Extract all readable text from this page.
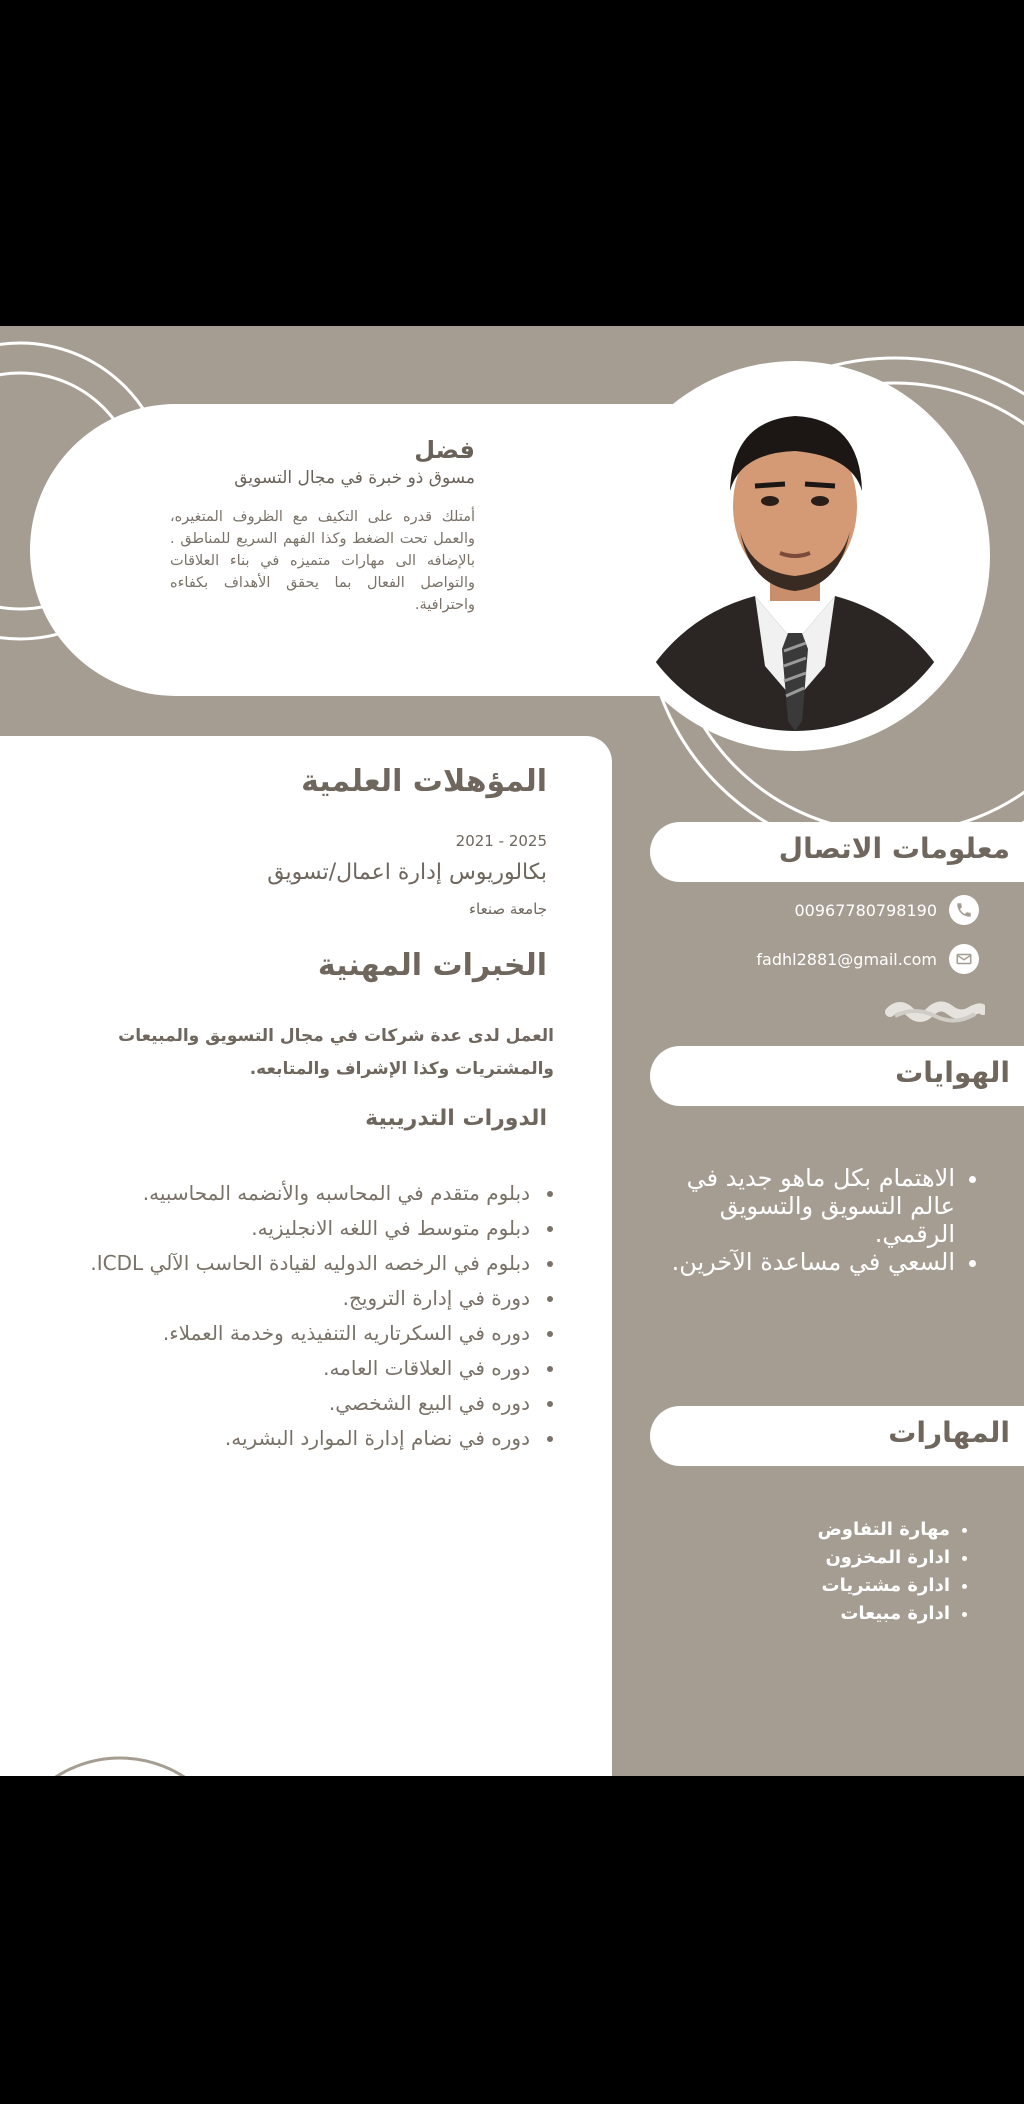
فضل
مسوق ذو خبرة في مجال التسويق
أمتلك قدره على التكيف مع الظروف المتغيره، والعمل تحت الضغط وكذا الفهم السريع للمناطق . بالإضافه الى مهارات متميزه في بناء العلاقات والتواصل الفعال بما يحقق الأهداف بكفاءه واحترافية.
المؤهلات العلمية
2025 - 2021
بكالوريوس إدارة اعمال/تسويق
جامعة صنعاء
الخبرات المهنية
العمل لدى عدة شركات في مجال التسويق والمبيعات والمشتريات وكذا الإشراف والمتابعه.
الدورات التدريبية
• دبلوم متقدم في المحاسبه والأنضمه المحاسبيه.
• دبلوم متوسط في اللغه الانجليزيه.
• دبلوم في الرخصه الدوليه لقيادة الحاسب الآلي ICDL.
• دورة في إدارة الترويج.
• دوره في السكرتاريه التنفيذيه وخدمة العملاء.
• دوره في العلاقات العامه.
• دوره في البيع الشخصي.
• دوره في نضام إدارة الموارد البشريه.
معلومات الاتصال
00967780798190
fadhl2881@gmail.com
الهوايات
• الاهتمام بكل ماهو جديد في عالم التسويق والتسويق الرقمي.
• السعي في مساعدة الآخرين.
المهارات
• مهارة التفاوض
• ادارة المخزون
• ادارة مشتريات
• ادارة مبيعات
